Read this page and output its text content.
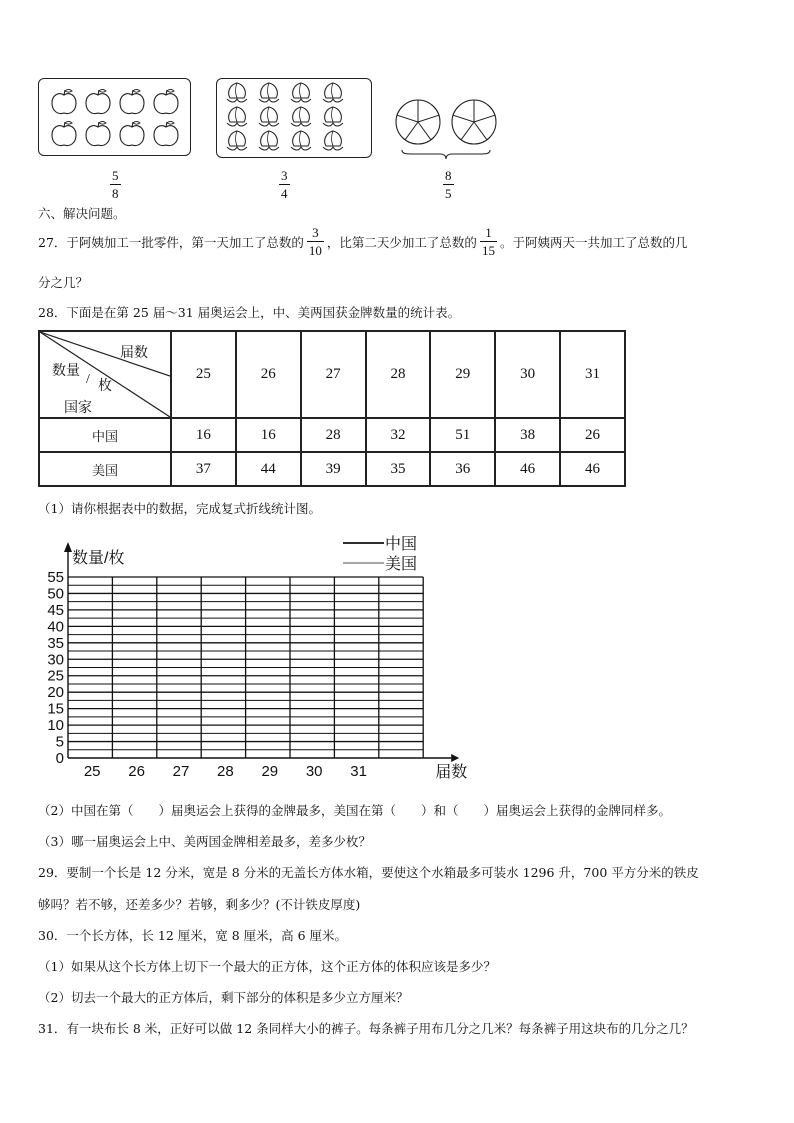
5
8
3
4
8
5
六、解决问题。
27．于阿姨加工一批零件，第一天加工了总数的 $\frac{3}{10}$ ，比第二天少加工了总数的 $\frac{1}{15}$ 。于阿姨两天一共加工了总数的几
分之几？
28．下面是在第 25 届～31 届奥运会上，中、美两国获金牌数量的统计表。
届数
数量
/ 枚
国家	25	26	27	28	29	30	31
中国	16	16	28	32	51	38	26
美国	37	44	39	35	36	46	46
（1）请你根据表中的数据，完成复式折线统计图。
0
5
10
15
20
25
30
35
40
45
50
55
25 26 27 28 29 30 31
数量/枚
届数
中国
美国
（2）中国在第（　　）届奥运会上获得的金牌最多，美国在第（　　）和（　　）届奥运会上获得的金牌同样多。
（3）哪一届奥运会上中、美两国金牌相差最多，差多少枚？
29．要制一个长是 12 分米，宽是 8 分米的无盖长方体水箱，要使这个水箱最多可装水 1296 升，700 平方分米的铁皮
够吗？若不够，还差多少？若够，剩多少？(不计铁皮厚度)
30．一个长方体，长 12 厘米，宽 8 厘米，高 6 厘米。
（1）如果从这个长方体上切下一个最大的正方体，这个正方体的体积应该是多少？
（2）切去一个最大的正方体后，剩下部分的体积是多少立方厘米？
31．有一块布长 8 米，正好可以做 12 条同样大小的裤子。每条裤子用布几分之几米？每条裤子用这块布的几分之几？
